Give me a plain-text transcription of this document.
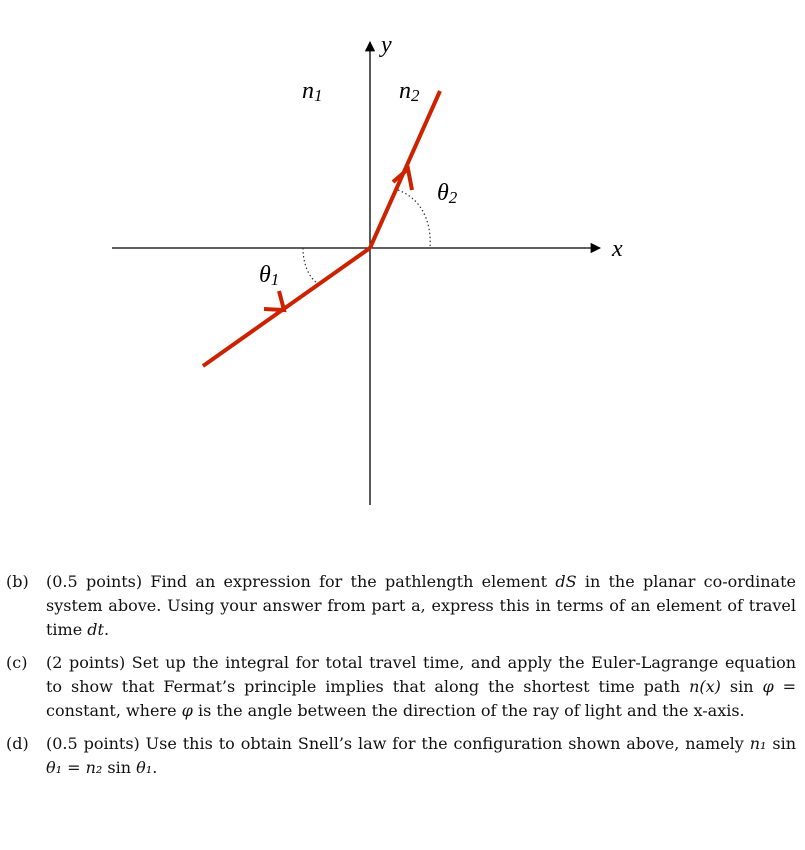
x
y
n1	n2
θ1
θ2
(b)	(0.5 points) Find an expression for the pathlength element dS in the planar co-ordinate system above. Using your answer from part a, express this in terms of an element of travel time dt.
(c)	(2 points) Set up the integral for total travel time, and apply the Euler-Lagrange equation to show that Fermat’s principle implies that along the shortest time path n(x) sin φ = constant, where φ is the angle between the direction of the ray of light and the x-axis.
(d)	(0.5 points) Use this to obtain Snell’s law for the configuration shown above, namely n₁ sin θ₁ = n₂ sin θ₁.
